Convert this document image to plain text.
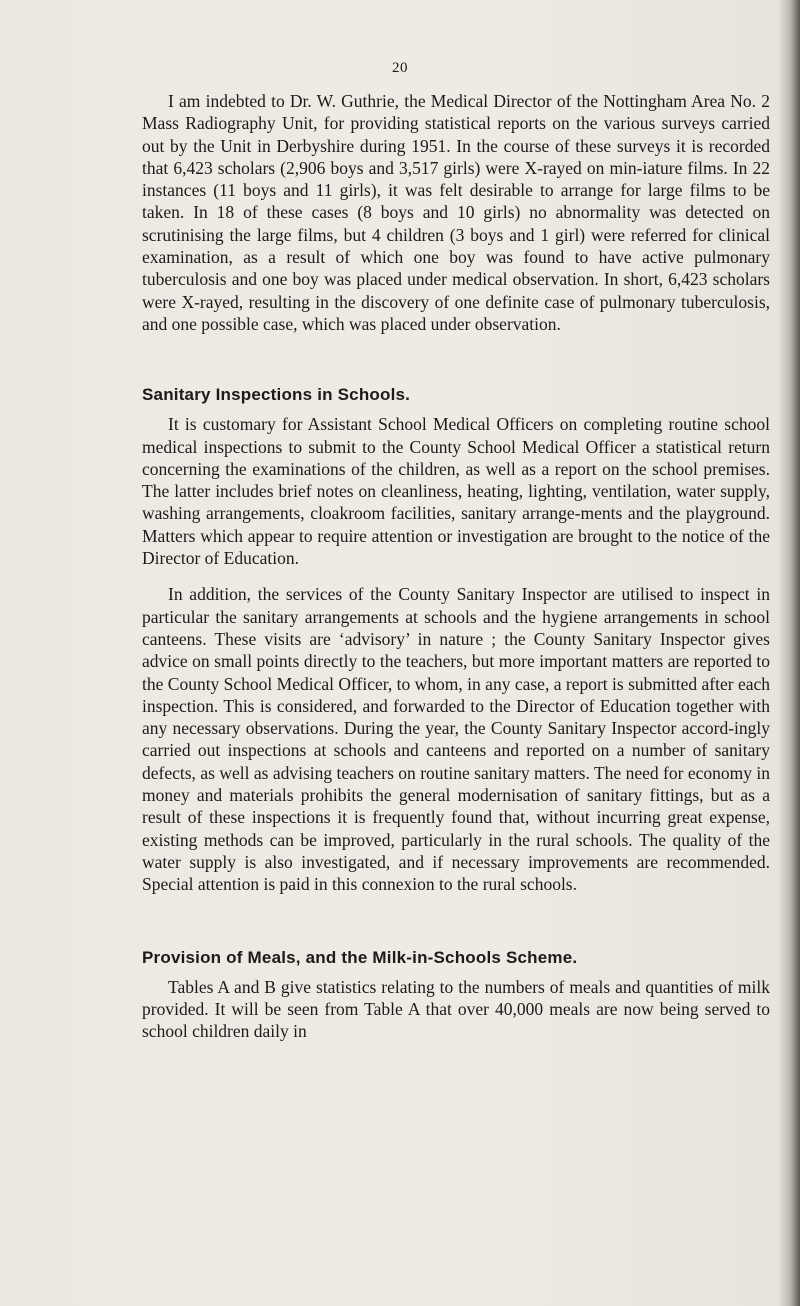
20

I am indebted to Dr. W. Guthrie, the Medical Director of the Nottingham Area No. 2 Mass Radiography Unit, for providing statistical reports on the various surveys carried out by the Unit in Derbyshire during 1951. In the course of these surveys it is recorded that 6,423 scholars (2,906 boys and 3,517 girls) were X-rayed on min-iature films. In 22 instances (11 boys and 11 girls), it was felt desirable to arrange for large films to be taken. In 18 of these cases (8 boys and 10 girls) no abnormality was detected on scrutinising the large films, but 4 children (3 boys and 1 girl) were referred for clinical examination, as a result of which one boy was found to have active pulmonary tuberculosis and one boy was placed under medical observation. In short, 6,423 scholars were X-rayed, resulting in the discovery of one definite case of pulmonary tuberculosis, and one possible case, which was placed under observation.

Sanitary Inspections in Schools.

It is customary for Assistant School Medical Officers on completing routine school medical inspections to submit to the County School Medical Officer a statistical return concerning the examinations of the children, as well as a report on the school premises. The latter includes brief notes on cleanliness, heating, lighting, ventilation, water supply, washing arrangements, cloakroom facilities, sanitary arrange-ments and the playground. Matters which appear to require attention or investigation are brought to the notice of the Director of Education.

In addition, the services of the County Sanitary Inspector are utilised to inspect in particular the sanitary arrangements at schools and the hygiene arrangements in school canteens. These visits are ‘advisory’ in nature ; the County Sanitary Inspector gives advice on small points directly to the teachers, but more important matters are reported to the County School Medical Officer, to whom, in any case, a report is submitted after each inspection. This is considered, and forwarded to the Director of Education together with any necessary observations. During the year, the County Sanitary Inspector accord-ingly carried out inspections at schools and canteens and reported on a number of sanitary defects, as well as advising teachers on routine sanitary matters. The need for economy in money and materials prohibits the general modernisation of sanitary fittings, but as a result of these inspections it is frequently found that, without incurring great expense, existing methods can be improved, particularly in the rural schools. The quality of the water supply is also investigated, and if necessary improvements are recommended. Special attention is paid in this connexion to the rural schools.

Provision of Meals, and the Milk-in-Schools Scheme.

Tables A and B give statistics relating to the numbers of meals and quantities of milk provided. It will be seen from Table A that over 40,000 meals are now being served to school children daily in
